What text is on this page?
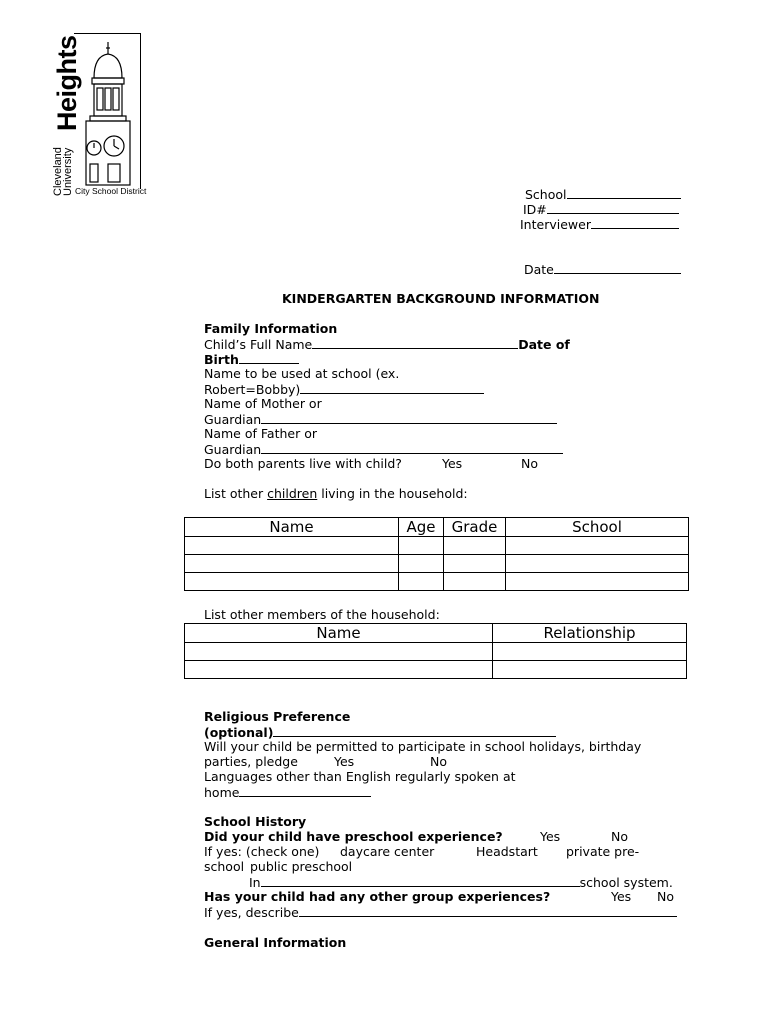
Heights
Cleveland
University City School District	School
ID#
Interviewer
Date
KINDERGARTEN BACKGROUND INFORMATION
Family Information
Child’s Full Name	Date of
Birth
Name to be used at school (ex.
Robert=Bobby)
Name of Mother or
Guardian
Name of Father or
Guardian
Do both parents live with child?	Yes	No
List other children living in the household:
Name	Age	Grade	School

List other members of the household:
Name	Relationship

Religious Preference
(optional)
Will your child be permitted to participate in school holidays, birthday
parties, pledge	Yes	No
Languages other than English regularly spoken at
home
School History
Did your child have preschool experience?	Yes	No
If yes: (check one) daycare center	Headstart private pre-
school public preschool
In	school system.
Has your child had any other group experiences?	Yes No
If yes, describe
General Information
